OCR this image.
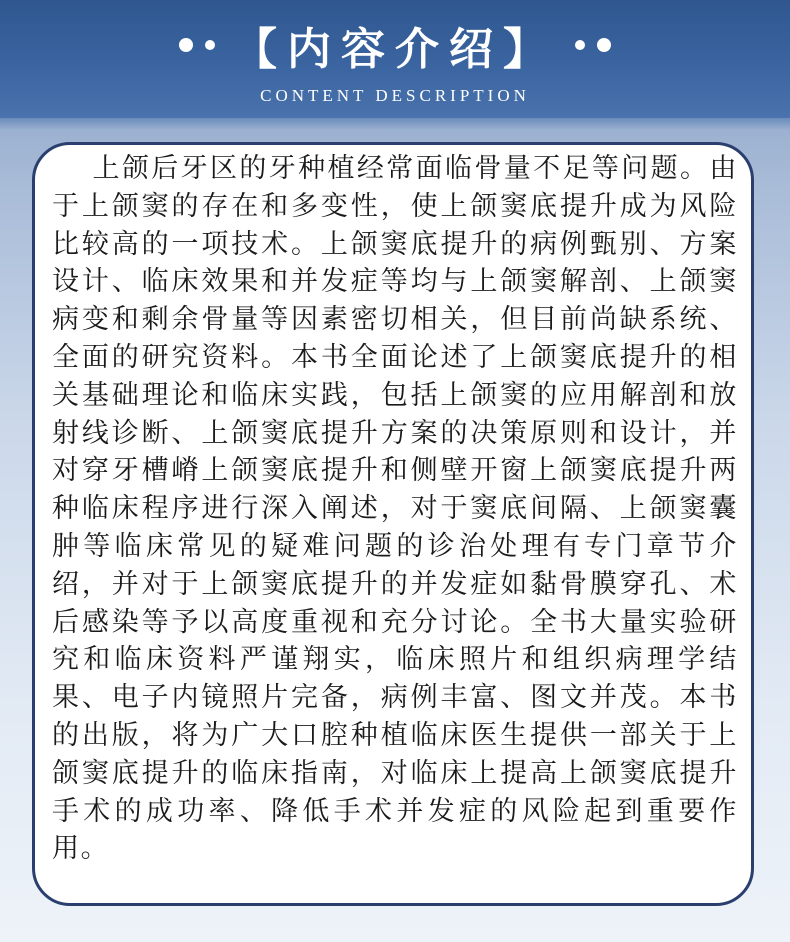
【内容介绍】
CONTENT DESCRIPTION

上颌后牙区的牙种植经常面临骨量不足等问题。由于上颌窦的存在和多变性，使上颌窦底提升成为风险比较高的一项技术。上颌窦底提升的病例甄别、方案设计、临床效果和并发症等均与上颌窦解剖、上颌窦病变和剩余骨量等因素密切相关，但目前尚缺系统、全面的研究资料。本书全面论述了上颌窦底提升的相关基础理论和临床实践，包括上颌窦的应用解剖和放射线诊断、上颌窦底提升方案的决策原则和设计，并对穿牙槽嵴上颌窦底提升和侧壁开窗上颌窦底提升两种临床程序进行深入阐述，对于窦底间隔、上颌窦囊肿等临床常见的疑难问题的诊治处理有专门章节介绍，并对于上颌窦底提升的并发症如黏骨膜穿孔、术后感染等予以高度重视和充分讨论。全书大量实验研究和临床资料严谨翔实，临床照片和组织病理学结果、电子内镜照片完备，病例丰富、图文并茂。本书的出版，将为广大口腔种植临床医生提供一部关于上颌窦底提升的临床指南，对临床上提高上颌窦底提升手术的成功率、降低手术并发症的风险起到重要作用。
